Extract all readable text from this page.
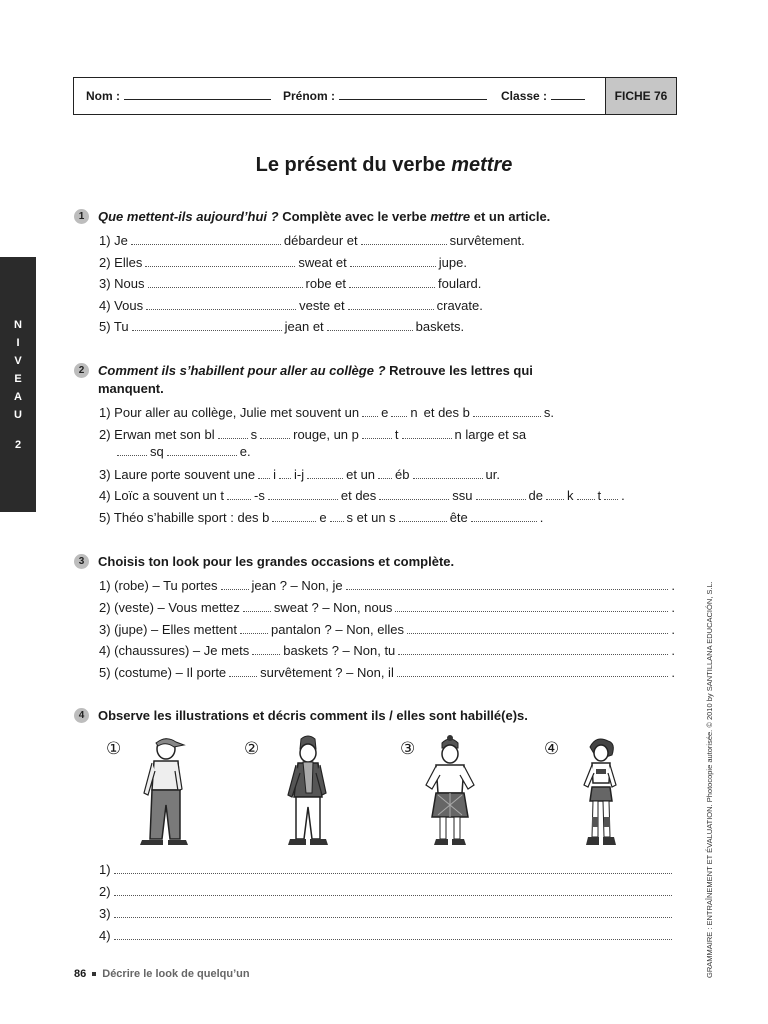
Nom :	Prénom :	Classe :	FICHE 76
Le présent du verbe mettre
N
I
V
E
A
U
2
GRAMMAIRE : ENTRAÎNEMENT ET ÉVALUATION. Photocopie autorisée. © 2010 by SANTILLANA EDUCACIÓN, S.L.
1	Que mettent-ils aujourd’hui ? Complète avec le verbe mettre et un article.
1) Je	débardeur et	survêtement.
2) Elles	sweat et	jupe.
3) Nous	robe et	foulard.
4) Vous	veste et	cravate.
5) Tu	jean et	baskets.
2	Comment ils s’habillent pour aller au collège ? Retrouve les lettres qui
manquent.
1) Pour aller au collège, Julie met souvent un e n et des b	s.
2) Erwan met son bl	s	rouge, un p	t	n large et sa
sq	e.
3) Laure porte souvent une i i-j	et un éb	ur.
4) Loïc a souvent un t -s	et des	ssu	de k t .
5) Théo s’habille sport : des b	e s et un s	ête	.
3	Choisis ton look pour les grandes occasions et complète.
1) (robe) – Tu portes	jean ? – Non, je	.
2) (veste) – Vous mettez	sweat ? – Non, nous	.
3) (jupe) – Elles mettent	pantalon ? – Non, elles	.
4) (chaussures) – Je mets	baskets ? – Non, tu	.
5) (costume) – Il porte	survêtement ? – Non, il	.
4	Observe les illustrations et décris comment ils / elles sont habillé(e)s.
①	②	③	④
1)
2)
3)
4)
86 Décrire le look de quelqu’un
